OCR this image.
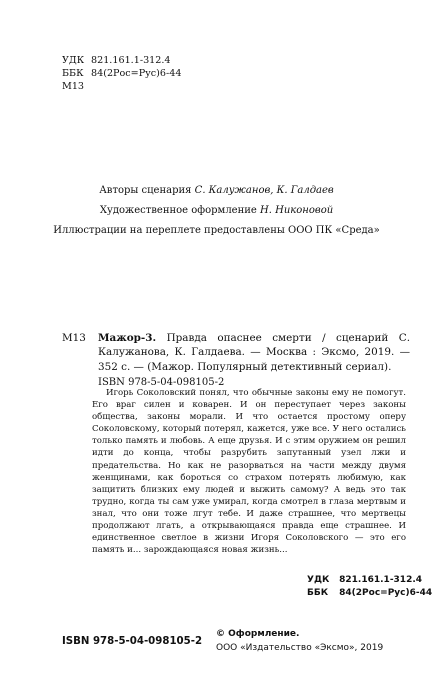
УДК 821.161.1-312.4
ББК 84(2Рос=Рус)6-44
М13
Авторы сценария С. Калужанов, К. Галдаев
Художественное оформление Н. Никоновой
Иллюстрации на переплете предоставлены ООО ПК «Среда»
М13 Мажор-3. Правда опаснее смерти / сценарий С. Калужанова, К. Галдаева. — Москва : Эксмо, 2019. — 352 с. — (Мажор. Популярный детективный сериал).
ISBN 978-5-04-098105-2
Игорь Соколовский понял, что обычные законы ему не помогут. Его враг силен и коварен. И он переступает через законы общества, законы морали. И что остается простому оперу Соколовскому, который потерял, кажется, уже все. У него остались только память и любовь. А еще друзья. И с этим оружием он решил идти до конца, чтобы разрубить запутанный узел лжи и предательства. Но как не разорваться на части между двумя женщинами, как бороться со страхом потерять любимую, как защитить близких ему людей и выжить самому? А ведь это так трудно, когда ты сам уже умирал, когда смотрел в глаза мертвым и знал, что они тоже лгут тебе. И даже страшнее, что мертвецы продолжают лгать, а открывающаяся правда еще страшнее. И единственное светлое в жизни Игоря Соколовского — это его память и... зарождающаяся новая жизнь...
УДК 821.161.1-312.4
ББК 84(2Рос=Рус)6-44
ISBN 978-5-04-098105-2
© Оформление.
ООО «Издательство «Эксмо», 2019
